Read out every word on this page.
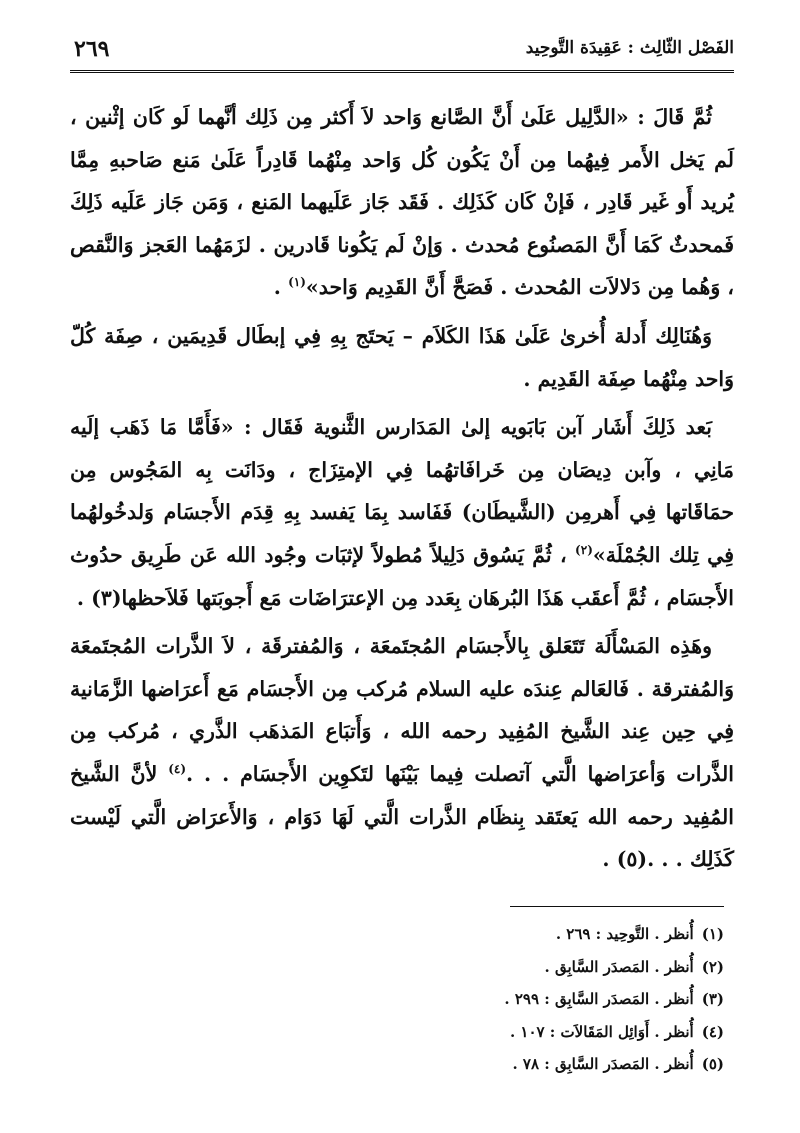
الفَصْل الثّالِث : عَقِيدَة التَّوحِيد
٢٦٩

ثُمَّ قَالَ : «الدَّلِيل عَلَىٰ أَنَّ الصَّانع وَاحد لاَ أَكثر مِن ذَلِك أنَّهما لَو كَان إثْنين ، لَم يَخل الأَمر فِيهُما مِن أَنْ يَكُون كُل وَاحد مِنْهُما قَادِراً عَلَىٰ مَنع صَاحبهِ مِمَّا يُريد أَو غَير قَادِر ، فَإنْ كَان كَذَلِك . فَقَد جَاز عَلَيهما المَنع ، وَمَن جَاز عَلَيه ذَلِكَ فَمحدثٌ كَمَا أَنَّ المَصنُوع مُحدث . وَإنْ لَم يَكُونا قَادرين . لزَمَهُما العَجز وَالنَّقص ، وَهُما مِن دَلالاَت المُحدث . فَصَحَّ أَنَّ القَدِيم وَاحد»$^{(١)}$ .

وَهُنَالِك أَدلة أُخرىٰ عَلَىٰ هَذَا الكَلاَم – يَحتَج بِهِ فِي إبطَال قَدِيمَين ، صِفَة كُلّ وَاحد مِنْهُما صِفَة القَدِيم .

بَعد ذَلِكَ أَشَار آبن بَابَويه إلىٰ المَدَارس الثَّنوية فَقَال : «فَأَمَّا مَا ذَهَب إلَيه مَانِي ، وآبن دِيصَان مِن خَرافَاتهُما فِي الإمتِزَاج ، ودَانَت بِه المَجُوس مِن حمَاقَاتها فِي أَهرمِن (الشَّيطَان) فَفَاسد بِمَا يَفسد بِهِ قِدَم الأَجسَام وَلدخُولهُما فِي تِلك الجُمْلَة»$^{(٢)}$ ، ثُمَّ يَسُوق دَلِيلاً مُطولاً لإثبَات وجُود الله عَن طَرِيق حدُوث الأَجسَام ، ثُمَّ أَعقَب هَذَا البُرهَان بِعَدد مِن الإعترَاضَات مَع أَجوبَتها فَلاَحظها(٣) .

وهَذِه المَسْأَلَة تَتَعَلق بِالأَجسَام المُجتَمعَة ، وَالمُفترقَة ، لاَ الذَّرات المُجتَمعَة وَالمُفترقة . فَالعَالم عِندَه عليه السلام مُركب مِن الأَجسَام مَع أَعرَاضها الزَّمَانية فِي حِين عِند الشَّيخ المُفِيد رحمه الله ، وَأَتبَاع المَذهَب الذَّري ، مُركب مِن الذَّرات وَأعرَاضها الَّتي آتصلت فِيما بَيْنَها لتَكوِين الأَجسَام . . .$^{(٤)}$ لأنَّ الشَّيخ المُفِيد رحمه الله يَعتَقد بِنظَام الذَّرات الَّتي لَهَا دَوَام ، وَالأَعرَاض الَّتي لَيْست كَذَلِك . . .(٥) .

(١)أُنظر . التَّوحِيد : ٢٦٩ .
(٢)أُنظر . المَصدَر السَّابِق .
(٣)أُنظر . المَصدَر السَّابِق : ٢٩٩ .
(٤)أُنظر . أَوَائِل المَقَالاَت : ١٠٧ .
(٥)أُنظر . المَصدَر السَّابِق : ٧٨ .
